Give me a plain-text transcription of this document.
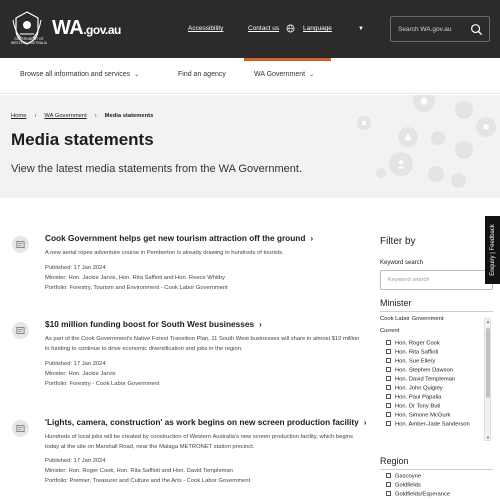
GOVERNMENT OF WESTERN AUSTRALIA
WA.gov.au	Accessibility	Contact us	Language	▼	Search WA.gov.au
Browse all information and services ⌄	Find an agency	WA Government ⌄
Home › WA Government › Media statements
Media statements

View the latest media statements from the WA Government.

Cook Government helps get new tourism attraction off the ground ›
A new aerial ropes adventure course in Pemberton is already drawing in hundreds of tourists.
Published: 17 Jan 2024
Minister: Hon. Jackie Jarvis, Hon. Rita Saffioti and Hon. Reece Whitby
Portfolio: Forestry, Tourism and Environment - Cook Labor Government
$10 million funding boost for South West businesses ›
As part of the Cook Government's Native Forest Transition Plan, 11 South West businesses will share in almost $10 million in funding to continue to drive economic diversification and jobs in the region.
Published: 17 Jan 2024
Minister: Hon. Jackie Jarvis
Portfolio: Forestry - Cook Labor Government
'Lights, camera, construction' as work begins on new screen production facility ›
Hundreds of local jobs will be created by construction of Western Australia's new screen production facility, which begins today at the site on Marshall Road, near the Malaga METRONET station precinct.
Published: 17 Jan 2024
Minister: Hon. Roger Cook, Hon. Rita Saffioti and Hon. David Templeman
Portfolio: Premier, Treasurer and Culture and the Arts - Cook Labor Government
Filter by
Keyword search
Keyword search
Minister
Cook Labor Government
Current
Hon. Roger Cook
Hon. Rita Saffioti
Hon. Sue Ellery
Hon. Stephen Dawson
Hon. David Templeman
Hon. John Quigley
Hon. Paul Papalia
Hon. Dr Tony Buti
Hon. Simone McGurk
Hon. Amber-Jade Sanderson
Region
Gascoyne
Goldfields
Goldfields/Esperance
▲
▼
Enquiry | Feedback
